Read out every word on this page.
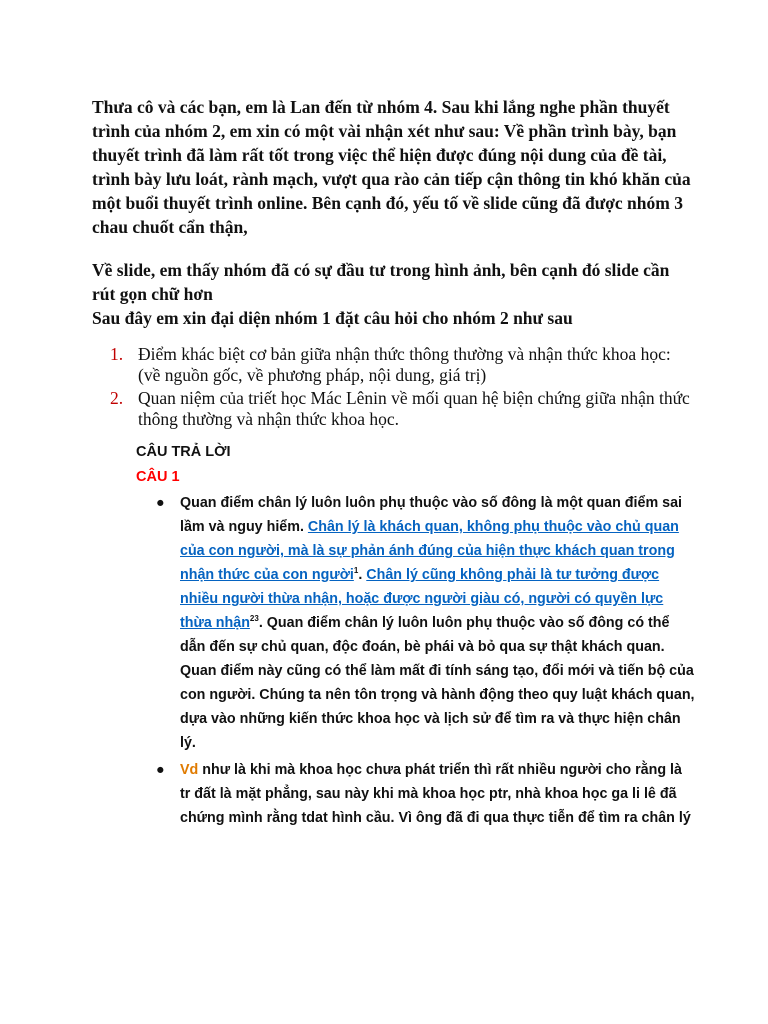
Thưa cô và các bạn, em là Lan đến từ nhóm 4. Sau khi lắng nghe phần thuyết trình của nhóm 2, em xin có một vài nhận xét như sau: Về phần trình bày, bạn thuyết trình đã làm rất tốt trong việc thể hiện được đúng nội dung của đề tài, trình bày lưu loát, rành mạch, vượt qua rào cản tiếp cận thông tin khó khăn của một buổi thuyết trình online. Bên cạnh đó, yếu tố về slide cũng đã được nhóm 3 chau chuốt cẩn thận,

Về slide, em thấy nhóm đã có sự đầu tư trong hình ảnh, bên cạnh đó slide cần rút gọn chữ hơn

Sau đây em xin đại diện nhóm 1 đặt câu hỏi cho nhóm 2 như sau

1. Điểm khác biệt cơ bản giữa nhận thức thông thường và nhận thức khoa học: (về nguồn gốc, về phương pháp, nội dung, giá trị)
2. Quan niệm của triết học Mác Lênin về mối quan hệ biện chứng giữa nhận thức thông thường và nhận thức khoa học.
CÂU TRẢ LỜI
CÂU 1
● Quan điểm chân lý luôn luôn phụ thuộc vào số đông là một quan điểm sai lầm và nguy hiểm. Chân lý là khách quan, không phụ thuộc vào chủ quan của con người, mà là sự phản ánh đúng của hiện thực khách quan trong nhận thức của con người$^1$. Chân lý cũng không phải là tư tưởng được nhiều người thừa nhận, hoặc được người giàu có, người có quyền lực thừa nhận$^{23}$. Quan điểm chân lý luôn luôn phụ thuộc vào số đông có thể dẫn đến sự chủ quan, độc đoán, bè phái và bỏ qua sự thật khách quan. Quan điểm này cũng có thể làm mất đi tính sáng tạo, đổi mới và tiến bộ của con người. Chúng ta nên tôn trọng và hành động theo quy luật khách quan, dựa vào những kiến thức khoa học và lịch sử để tìm ra và thực hiện chân lý.
● Vd như là khi mà khoa học chưa phát triển thì rất nhiều người cho rằng là tr đất là mặt phẳng, sau này khi mà khoa học ptr, nhà khoa học ga li lê đã chứng mình rằng tdat hình cầu. Vì ông đã đi qua thực tiễn để tìm ra chân lý
